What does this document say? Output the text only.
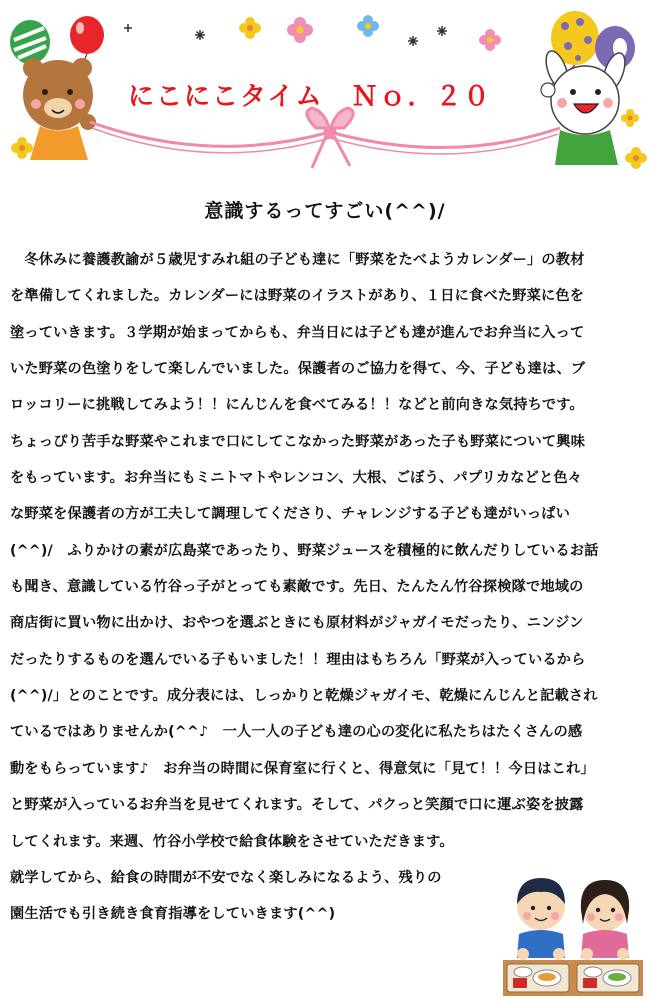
にこにこタイム　Ｎｏ．２０
意識するってすごい(^^)/
　冬休みに養護教諭が５歳児すみれ組の子ども達に「野菜をたべようカレンダー」の教材
を準備してくれました。カレンダーには野菜のイラストがあり、１日に食べた野菜に色を
塗っていきます。３学期が始まってからも、弁当日には子ども達が進んでお弁当に入って
いた野菜の色塗りをして楽しんでいました。保護者のご協力を得て、今、子ども達は、ブ
ロッコリーに挑戦してみよう！！にんじんを食べてみる！！などと前向きな気持ちです。
ちょっぴり苦手な野菜やこれまで口にしてこなかった野菜があった子も野菜について興味
をもっています。お弁当にもミニトマトやレンコン、大根、ごぼう、パプリカなどと色々
な野菜を保護者の方が工夫して調理してくださり、チャレンジする子ども達がいっぱい
(^^)/　ふりかけの素が広島菜であったり、野菜ジュースを積極的に飲んだりしているお話
も聞き、意識している竹谷っ子がとっても素敵です。先日、たんたん竹谷探検隊で地域の
商店街に買い物に出かけ、おやつを選ぶときにも原材料がジャガイモだったり、ニンジン
だったりするものを選んでいる子もいました！！理由はもちろん「野菜が入っているから
(^^)/」とのことです。成分表には、しっかりと乾燥ジャガイモ、乾燥にんじんと記載され
ているではありませんか(^^♪　一人一人の子ども達の心の変化に私たちはたくさんの感
動をもらっています♪　お弁当の時間に保育室に行くと、得意気に「見て！！今日はこれ」
と野菜が入っているお弁当を見せてくれます。そして、パクっと笑顔で口に運ぶ姿を披露
してくれます。来週、竹谷小学校で給食体験をさせていただきます。
就学してから、給食の時間が不安でなく楽しみになるよう、残りの
園生活でも引き続き食育指導をしていきます(^^)
